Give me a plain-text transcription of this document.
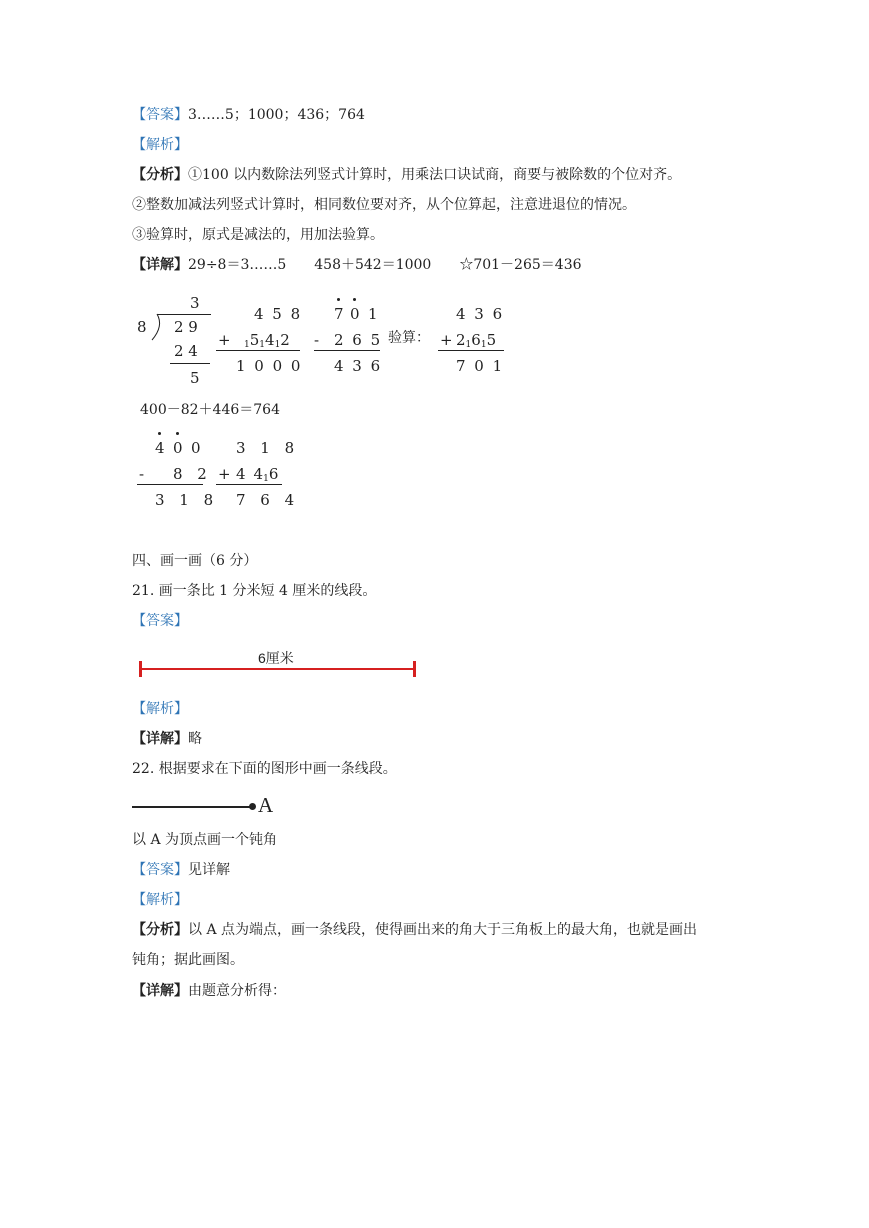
【答案】3……5；1000；436；764
【解析】
【分析】①100 以内数除法列竖式计算时，用乘法口诀试商，商要与被除数的个位对齐。
②整数加减法列竖式计算时，相同数位要对齐，从个位算起，注意进退位的情况。
③验算时，原式是减法的，用加法验算。
【详解】29÷8＝3……5　　458＋542＝1000　　☆701－265＝436
3
8 2 9
2 4
5
4 5 8
+ $_15_14_12$
1 0 0 0
7 0 1
- 2 6 5
4 3 6
验算：
4 3 6
+ $2_16_15$
7 0 1
400－82＋446＝764
4 0 0
- 8 2
3 1 8
3 1 8
+ 4 $4_16$
7 6 4
四、画一画（6 分）
21. 画一条比 1 分米短 4 厘米的线段。
【答案】
6厘米
【解析】
【详解】略
22. 根据要求在下面的图形中画一条线段。
A
以 A 为顶点画一个钝角
【答案】见详解
【解析】
【分析】以 A 点为端点，画一条线段，使得画出来的角大于三角板上的最大角，也就是画出
钝角；据此画图。
【详解】由题意分析得：
